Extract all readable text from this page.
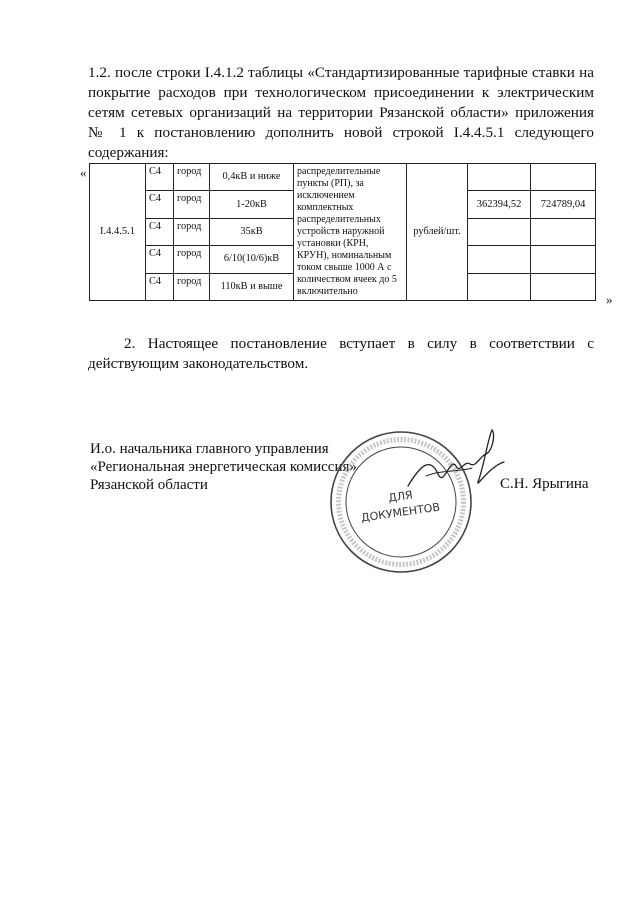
1.2. после строки I.4.1.2 таблицы «Стандартизированные тарифные ставки на покрытие расходов при технологическом присоединении к электрическим сетям сетевых организаций на территории Рязанской области» приложения № 1 к постановлению дополнить новой строкой I.4.4.5.1 следующего содержания:
«
I.4.4.5.1	С4	город	0,4кВ и ниже	распределительные пункты (РП), за исключением комплектных распределительных устройств наружной установки (КРН, КРУН), номинальным током свыше 1000 А с количеством ячеек до 5 включительно	рублей/шт.		
	С4	город	1-20кВ			362394,52	724789,04
	С4	город	35кВ				
	С4	город	6/10(10/6)кВ				
	С4	город	110кВ и выше				
»
2. Настоящее постановление вступает в силу в соответствии с действующим законодательством.
И.о. начальника главного управления
«Региональная энергетическая комиссия»
Рязанской области	С.Н. Ярыгина
ДЛЯ
ДОКУМЕНТОВ
